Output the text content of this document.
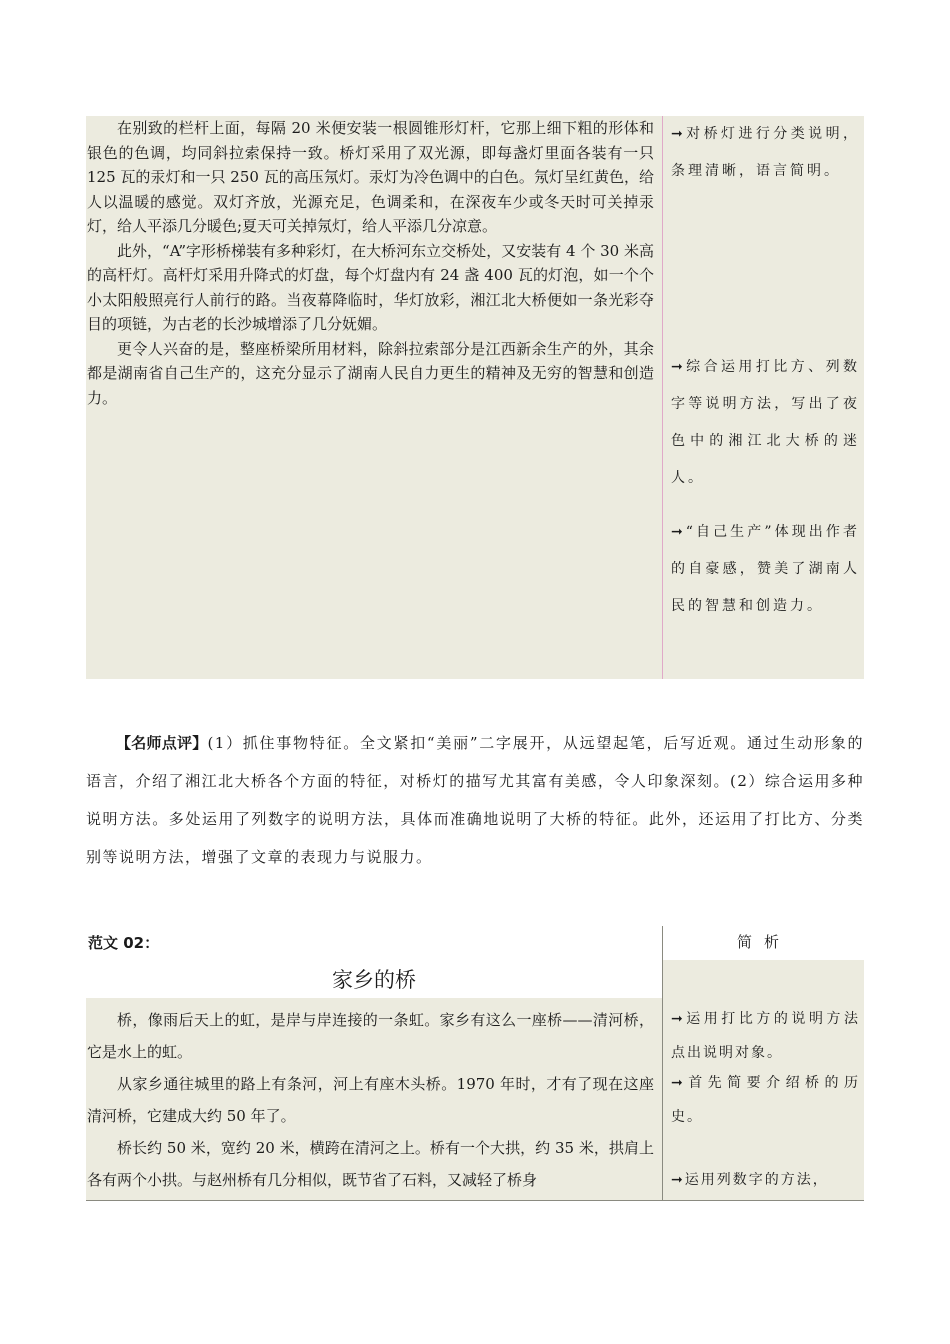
在别致的栏杆上面，每隔 20 米便安装一根圆锥形灯杆，它那上细下粗的形体和银色的色调，均同斜拉索保持一致。桥灯采用了双光源，即每盏灯里面各装有一只 125 瓦的汞灯和一只 250 瓦的高压氖灯。汞灯为冷色调中的白色。氖灯呈红黄色，给人以温暖的感觉。双灯齐放，光源充足，色调柔和，在深夜车少或冬天时可关掉汞灯，给人平添几分暖色;夏天可关掉氖灯，给人平添几分凉意。

此外，“A”字形桥梯装有多种彩灯，在大桥河东立交桥处，又安装有 4 个 30 米高的高杆灯。高杆灯采用升降式的灯盘，每个灯盘内有 24 盏 400 瓦的灯泡，如一个个小太阳般照亮行人前行的路。当夜幕降临时，华灯放彩，湘江北大桥便如一条光彩夺目的项链，为古老的长沙城增添了几分妩媚。

更令人兴奋的是，整座桥梁所用材料，除斜拉索部分是江西新余生产的外，其余都是湖南省自己生产的，这充分显示了湖南人民自力更生的精神及无穷的智慧和创造力。

➞对桥灯进行分类说明，条理清晰，语言简明。

➞综合运用打比方、列数字等说明方法，写出了夜色中的湘江北大桥的迷人。

➞“自己生产”体现出作者的自豪感，赞美了湖南人民的智慧和创造力。

【名师点评】(1）抓住事物特征。全文紧扣“美丽”二字展开，从远望起笔，后写近观。通过生动形象的语言，介绍了湘江北大桥各个方面的特征，对桥灯的描写尤其富有美感，令人印象深刻。(2）综合运用多种说明方法。多处运用了列数字的说明方法，具体而准确地说明了大桥的特征。此外，还运用了打比方、分类别等说明方法，增强了文章的表现力与说服力。
范文 02：	简析
家乡的桥

桥，像雨后天上的虹，是岸与岸连接的一条虹。家乡有这么一座桥——清河桥，它是水上的虹。

从家乡通往城里的路上有条河，河上有座木头桥。1970 年时，才有了现在这座清河桥，它建成大约 50 年了。

桥长约 50 米，宽约 20 米，横跨在清河之上。桥有一个大拱，约 35 米，拱肩上各有两个小拱。与赵州桥有几分相似，既节省了石料，又减轻了桥身

➞运用打比方的说明方法点出说明对象。

➞首先简要介绍桥的历史。

➞运用列数字的方法，
